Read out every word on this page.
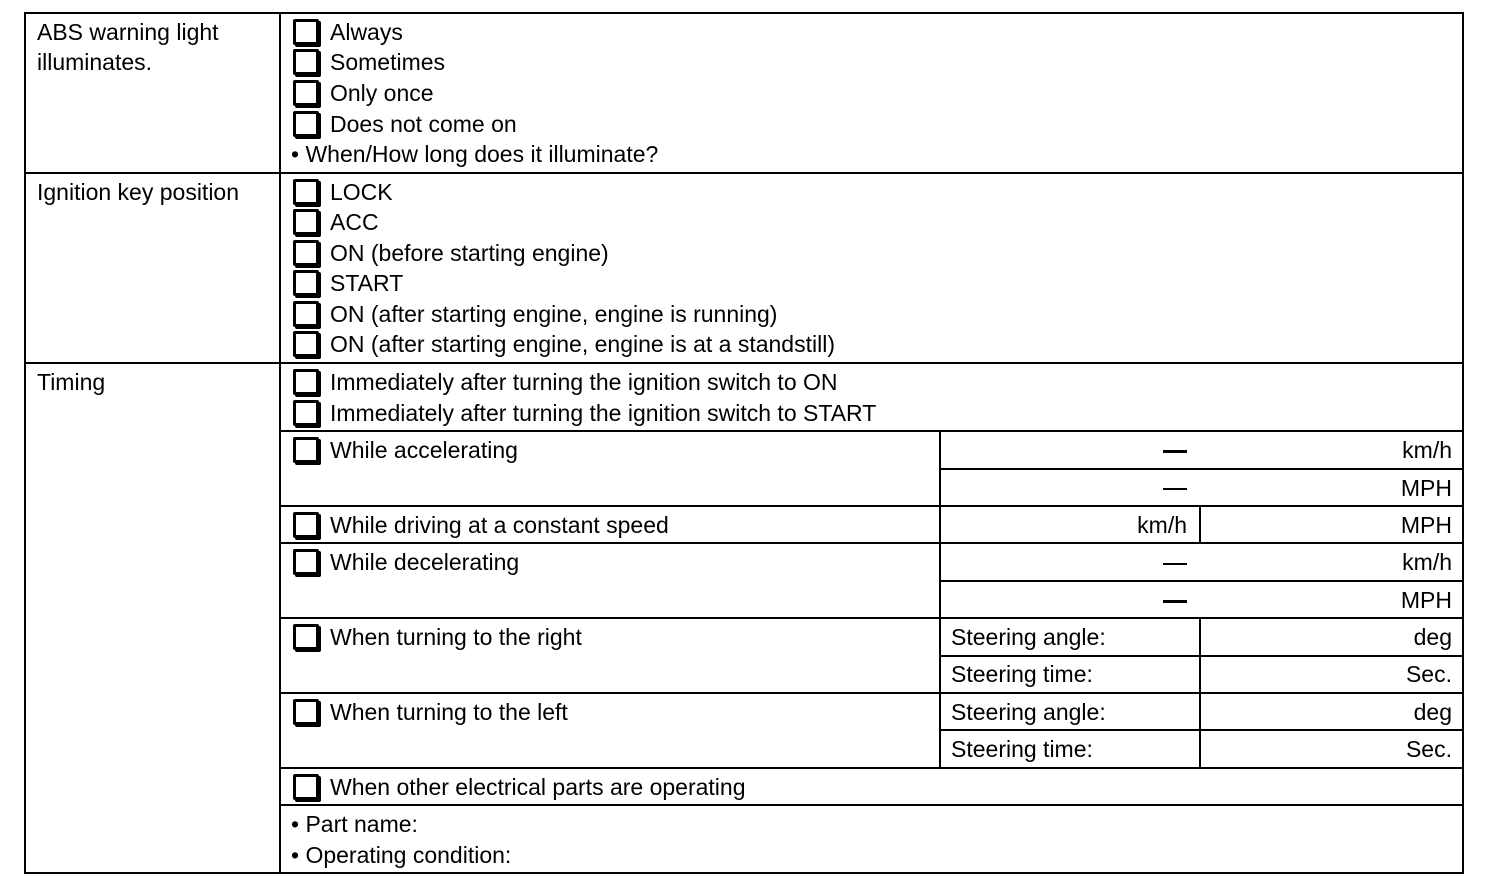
ABS warning light
illuminates.
Always
Sometimes
Only once
Does not come on
• When/How long does it illuminate?
Ignition key position	LOCK
ACC
ON (before starting engine)
START
ON (after starting engine, engine is running)
ON (after starting engine, engine is at a standstill)
Timing	Immediately after turning the ignition switch to ON
Immediately after turning the ignition switch to START
While accelerating	km/h
MPH
While driving at a constant speed	km/h	MPH
While decelerating	km/h
MPH
When turning to the right	Steering angle:	deg
Steering time:	Sec.
When turning to the left	Steering angle:	deg
Steering time:	Sec.
When other electrical parts are operating
• Part name:
• Operating condition:
